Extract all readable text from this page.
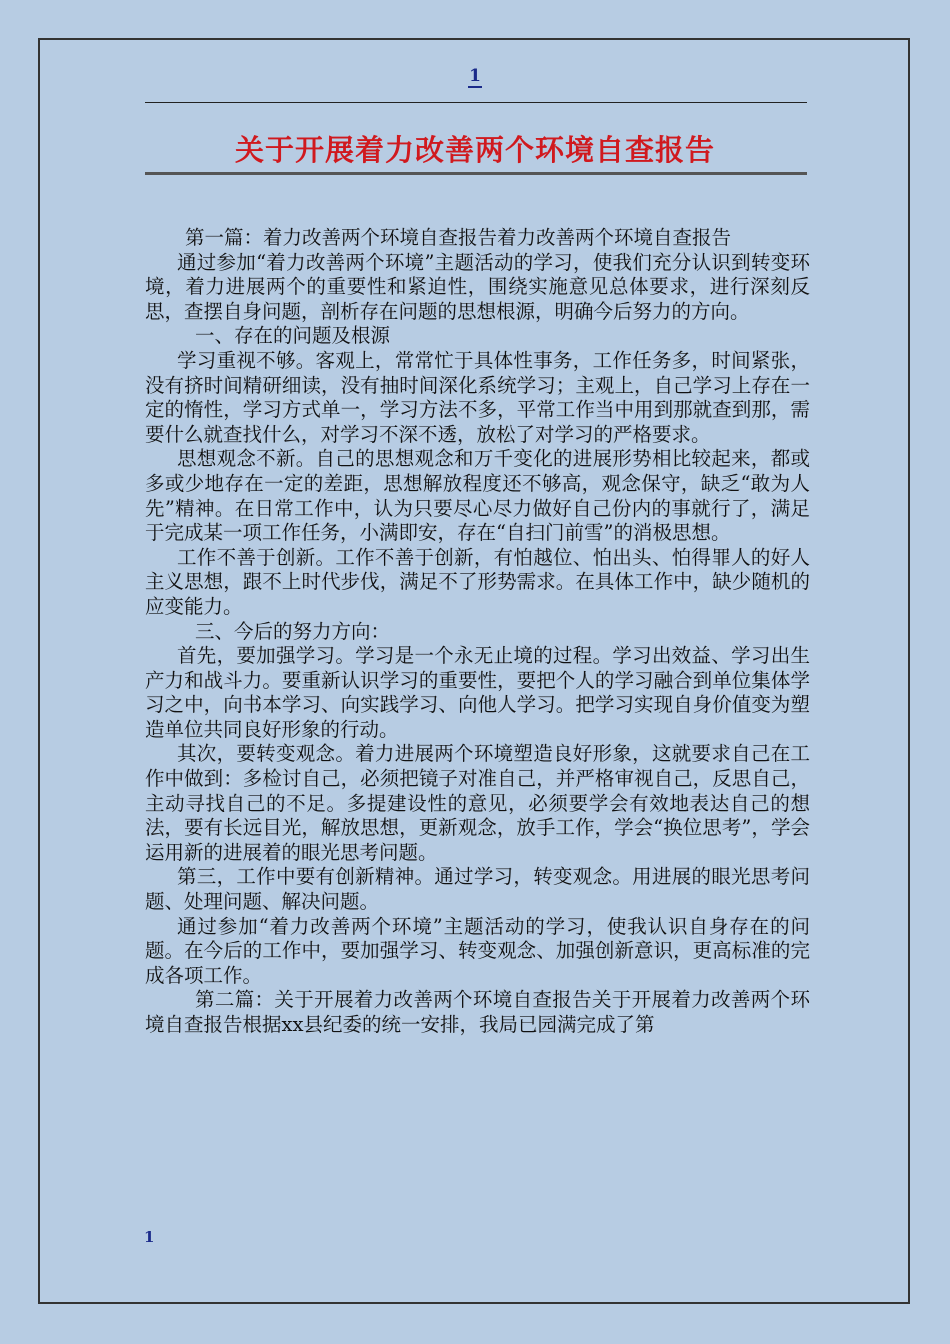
1
关于开展着力改善两个环境自查报告

第一篇：着力改善两个环境自查报告着力改善两个环境自查报告

通过参加“着力改善两个环境”主题活动的学习，使我们充分认识到转变环境，着力进展两个的重要性和紧迫性，围绕实施意见总体要求，进行深刻反思，查摆自身问题，剖析存在问题的思想根源，明确今后努力的方向。

一、存在的问题及根源

学习重视不够。客观上，常常忙于具体性事务，工作任务多，时间紧张，没有挤时间精研细读，没有抽时间深化系统学习；主观上，自己学习上存在一定的惰性，学习方式单一，学习方法不多，平常工作当中用到那就查到那，需要什么就查找什么，对学习不深不透，放松了对学习的严格要求。

思想观念不新。自己的思想观念和万千变化的进展形势相比较起来，都或多或少地存在一定的差距，思想解放程度还不够高，观念保守，缺乏“敢为人先”精神。在日常工作中，认为只要尽心尽力做好自己份内的事就行了，满足于完成某一项工作任务，小满即安，存在“自扫门前雪”的消极思想。

工作不善于创新。工作不善于创新，有怕越位、怕出头、怕得罪人的好人主义思想，跟不上时代步伐，满足不了形势需求。在具体工作中，缺少随机的应变能力。

三、今后的努力方向：

首先，要加强学习。学习是一个永无止境的过程。学习出效益、学习出生产力和战斗力。要重新认识学习的重要性，要把个人的学习融合到单位集体学习之中，向书本学习、向实践学习、向他人学习。把学习实现自身价值变为塑造单位共同良好形象的行动。

其次，要转变观念。着力进展两个环境塑造良好形象，这就要求自己在工作中做到：多检讨自己，必须把镜子对准自己，并严格审视自己，反思自己，主动寻找自己的不足。多提建设性的意见，必须要学会有效地表达自己的想法，要有长远目光，解放思想，更新观念，放手工作，学会“换位思考”，学会运用新的进展着的眼光思考问题。

第三，工作中要有创新精神。通过学习，转变观念。用进展的眼光思考问题、处理问题、解决问题。

通过参加“着力改善两个环境”主题活动的学习，使我认识自身存在的问题。在今后的工作中，要加强学习、转变观念、加强创新意识，更高标准的完成各项工作。

第二篇：关于开展着力改善两个环境自查报告关于开展着力改善两个环境自查报告根据xx县纪委的统一安排，我局已园满完成了第

1
